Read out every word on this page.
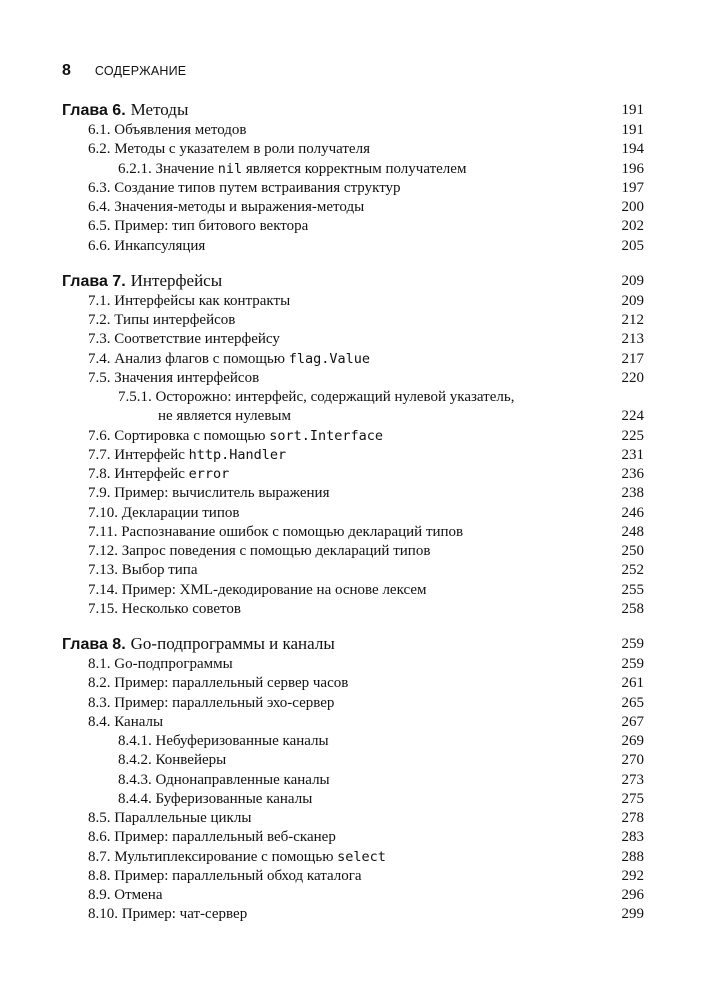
8 СОДЕРЖАНИЕ
Глава 6. Методы	191
6.1. Объявления методов	191
6.2. Методы с указателем в роли получателя	194
6.2.1. Значение nil является корректным получателем	196
6.3. Создание типов путем встраивания структур	197
6.4. Значения-методы и выражения-методы	200
6.5. Пример: тип битового вектора	202
6.6. Инкапсуляция	205
Глава 7. Интерфейсы	209
7.1. Интерфейсы как контракты	209
7.2. Типы интерфейсов	212
7.3. Соответствие интерфейсу	213
7.4. Анализ флагов с помощью flag.Value	217
7.5. Значения интерфейсов	220
7.5.1. Осторожно: интерфейс, содержащий нулевой указатель,
не является нулевым	224
7.6. Сортировка с помощью sort.Interface	225
7.7. Интерфейс http.Handler	231
7.8. Интерфейс error	236
7.9. Пример: вычислитель выражения	238
7.10. Декларации типов	246
7.11. Распознавание ошибок с помощью деклараций типов	248
7.12. Запрос поведения с помощью деклараций типов	250
7.13. Выбор типа	252
7.14. Пример: XML-декодирование на основе лексем	255
7.15. Несколько советов	258
Глава 8. Go-подпрограммы и каналы	259
8.1. Go-подпрограммы	259
8.2. Пример: параллельный сервер часов	261
8.3. Пример: параллельный эхо-сервер	265
8.4. Каналы	267
8.4.1. Небуферизованные каналы	269
8.4.2. Конвейеры	270
8.4.3. Однонаправленные каналы	273
8.4.4. Буферизованные каналы	275
8.5. Параллельные циклы	278
8.6. Пример: параллельный веб-сканер	283
8.7. Мультиплексирование с помощью select	288
8.8. Пример: параллельный обход каталога	292
8.9. Отмена	296
8.10. Пример: чат-сервер	299
